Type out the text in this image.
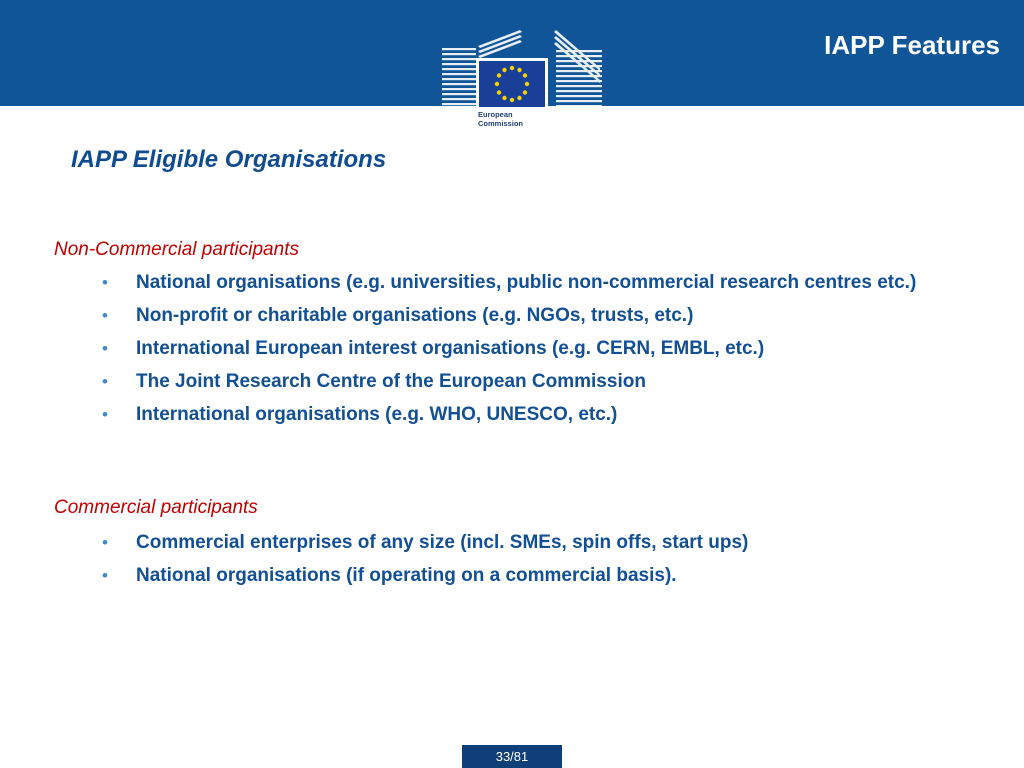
European
Commission
IAPP Features
IAPP Eligible Organisations
Non-Commercial participants
• National organisations (e.g. universities, public non-commercial research centres etc.)
• Non-profit or charitable organisations (e.g. NGOs, trusts, etc.)
• International European interest organisations (e.g. CERN, EMBL, etc.)
• The Joint Research Centre of the European Commission
• International organisations (e.g. WHO, UNESCO, etc.)
Commercial participants
• Commercial enterprises of any size (incl. SMEs, spin offs, start ups)
• National organisations (if operating on a commercial basis).
33/81
